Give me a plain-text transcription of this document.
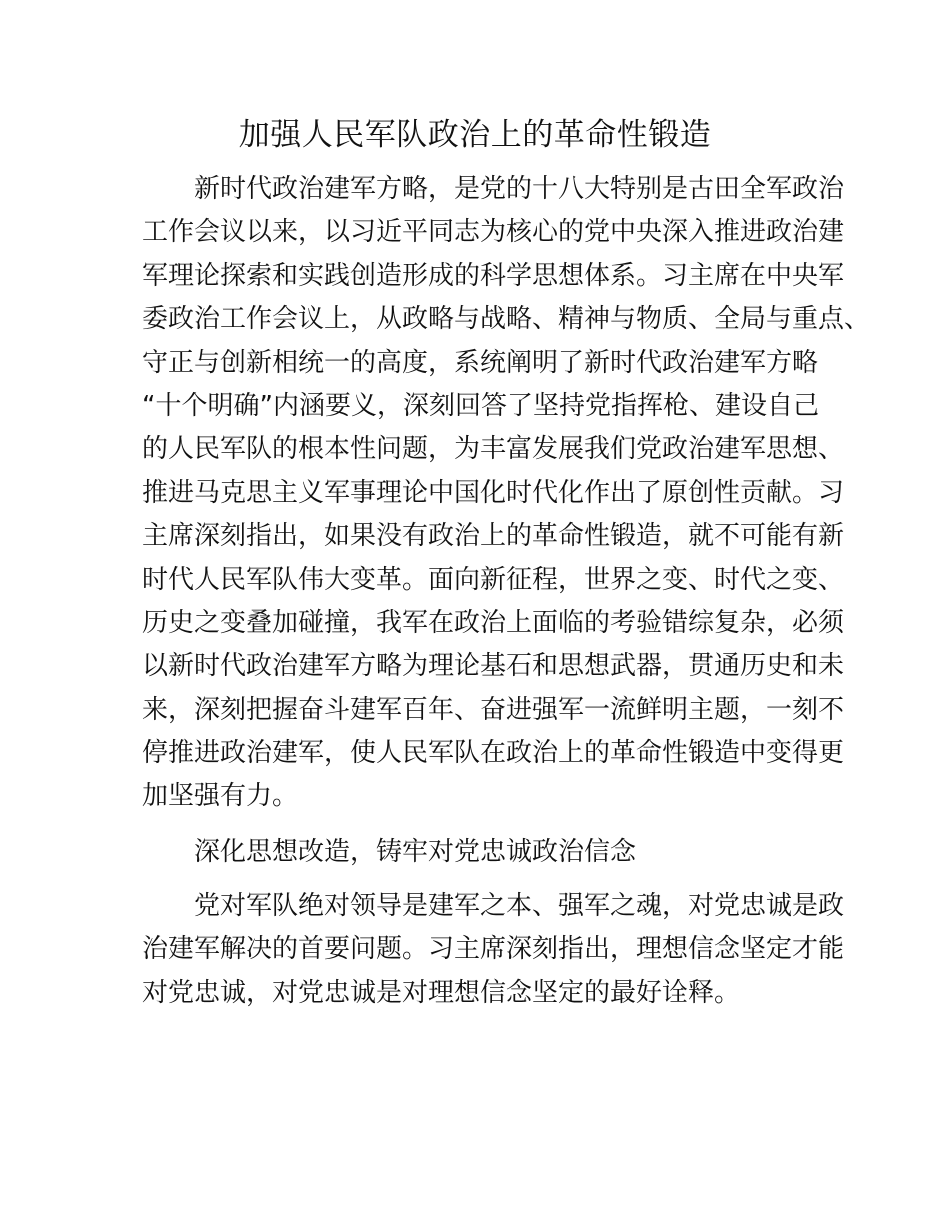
加强人民军队政治上的革命性锻造
新时代政治建军方略，是党的十八大特别是古田全军政治
工作会议以来，以习近平同志为核心的党中央深入推进政治建
军理论探索和实践创造形成的科学思想体系。习主席在中央军
委政治工作会议上，从政略与战略、精神与物质、全局与重点、
守正与创新相统一的高度，系统阐明了新时代政治建军方略
“十个明确”内涵要义，深刻回答了坚持党指挥枪、建设自己
的人民军队的根本性问题，为丰富发展我们党政治建军思想、
推进马克思主义军事理论中国化时代化作出了原创性贡献。习
主席深刻指出，如果没有政治上的革命性锻造，就不可能有新
时代人民军队伟大变革。面向新征程，世界之变、时代之变、
历史之变叠加碰撞，我军在政治上面临的考验错综复杂，必须
以新时代政治建军方略为理论基石和思想武器，贯通历史和未
来，深刻把握奋斗建军百年、奋进强军一流鲜明主题，一刻不
停推进政治建军，使人民军队在政治上的革命性锻造中变得更
加坚强有力。
深化思想改造，铸牢对党忠诚政治信念
党对军队绝对领导是建军之本、强军之魂，对党忠诚是政
治建军解决的首要问题。习主席深刻指出，理想信念坚定才能
对党忠诚，对党忠诚是对理想信念坚定的最好诠释。
